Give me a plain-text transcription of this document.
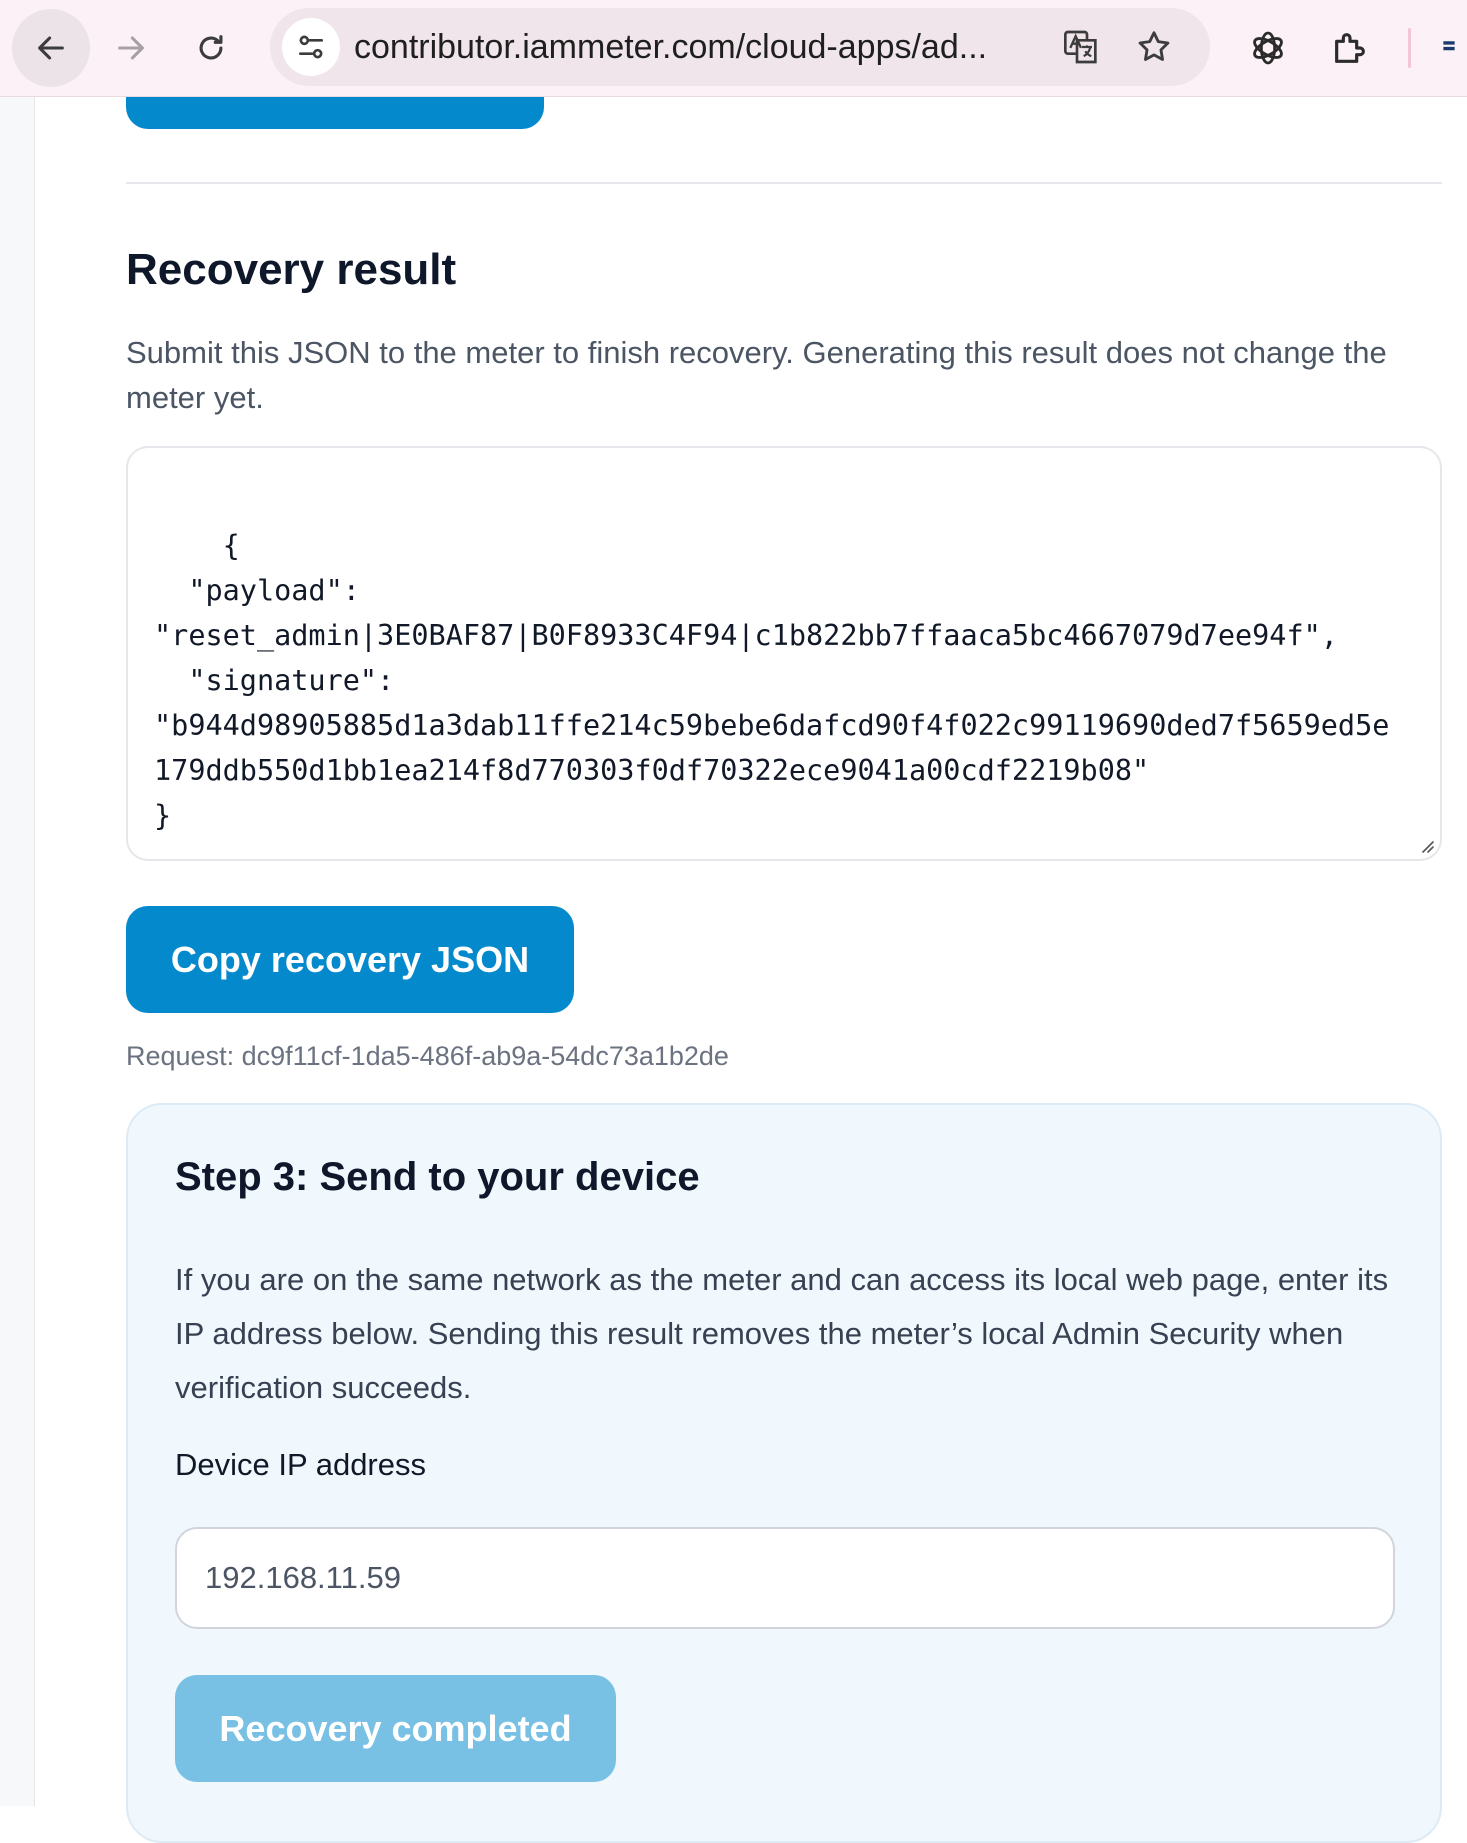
contributor.iammeter.com/cloud-apps/ad...
Recovery result

Submit this JSON to the meter to finish recovery. Generating this result does not change the meter yet.

{
"payload":
"reset_admin|3E0BAF87|B0F8933C4F94|c1b822bb7ffaaca5bc4667079d7ee94f",
"signature":
"b944d98905885d1a3dab11ffe214c59bebe6dafcd90f4f022c99119690ded7f5659ed5e
179ddb550d1bb1ea214f8d770303f0df70322ece9041a00cdf2219b08"
}

Copy recovery JSON
Request: dc9f11cf-1da5-486f-ab9a-54dc73a1b2de
Step 3: Send to your device

If you are on the same network as the meter and can access its local web page, enter its IP address below. Sending this result removes the meter’s local Admin Security when verification succeeds.

Device IP address
192.168.11.59
Recovery completed
